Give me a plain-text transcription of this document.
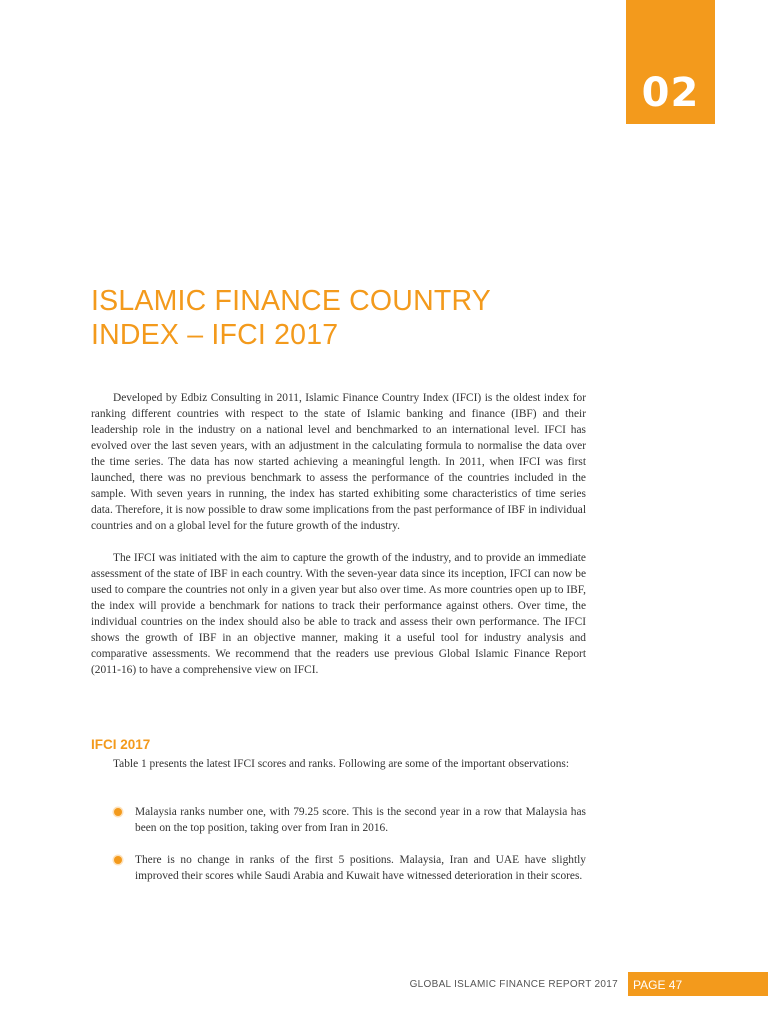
02
ISLAMIC FINANCE COUNTRY
INDEX – IFCI 2017

Developed by Edbiz Consulting in 2011, Islamic Finance Country Index (IFCI) is the oldest index for ranking different countries with respect to the state of Islamic banking and finance (IBF) and their leadership role in the industry on a national level and benchmarked to an international level. IFCI has evolved over the last seven years, with an adjustment in the calculating formula to normalise the data over the time series. The data has now started achieving a meaningful length. In 2011, when IFCI was first launched, there was no previous benchmark to assess the performance of the countries included in the sample. With seven years in running, the index has started exhibiting some characteristics of time series data. Therefore, it is now possible to draw some implications from the past performance of IBF in individual countries and on a global level for the future growth of the industry.

The IFCI was initiated with the aim to capture the growth of the industry, and to provide an immediate assessment of the state of IBF in each country. With the seven-year data since its inception, IFCI can now be used to compare the countries not only in a given year but also over time. As more countries open up to IBF, the index will provide a benchmark for nations to track their performance against others. Over time, the individual countries on the index should also be able to track and assess their own performance. The IFCI shows the growth of IBF in an objective manner, making it a useful tool for industry analysis and comparative assessments. We recommend that the readers use previous Global Islamic Finance Report (2011-16) to have a comprehensive view on IFCI.

IFCI 2017

Table 1 presents the latest IFCI scores and ranks. Following are some of the important observations:

Malaysia ranks number one, with 79.25 score. This is the second year in a row that Malaysia has been on the top position, taking over from Iran in 2016.
There is no change in ranks of the first 5 positions. Malaysia, Iran and UAE have slightly improved their scores while Saudi Arabia and Kuwait have witnessed deterioration in their scores.
GLOBAL ISLAMIC FINANCE REPORT 2017	PAGE 47
